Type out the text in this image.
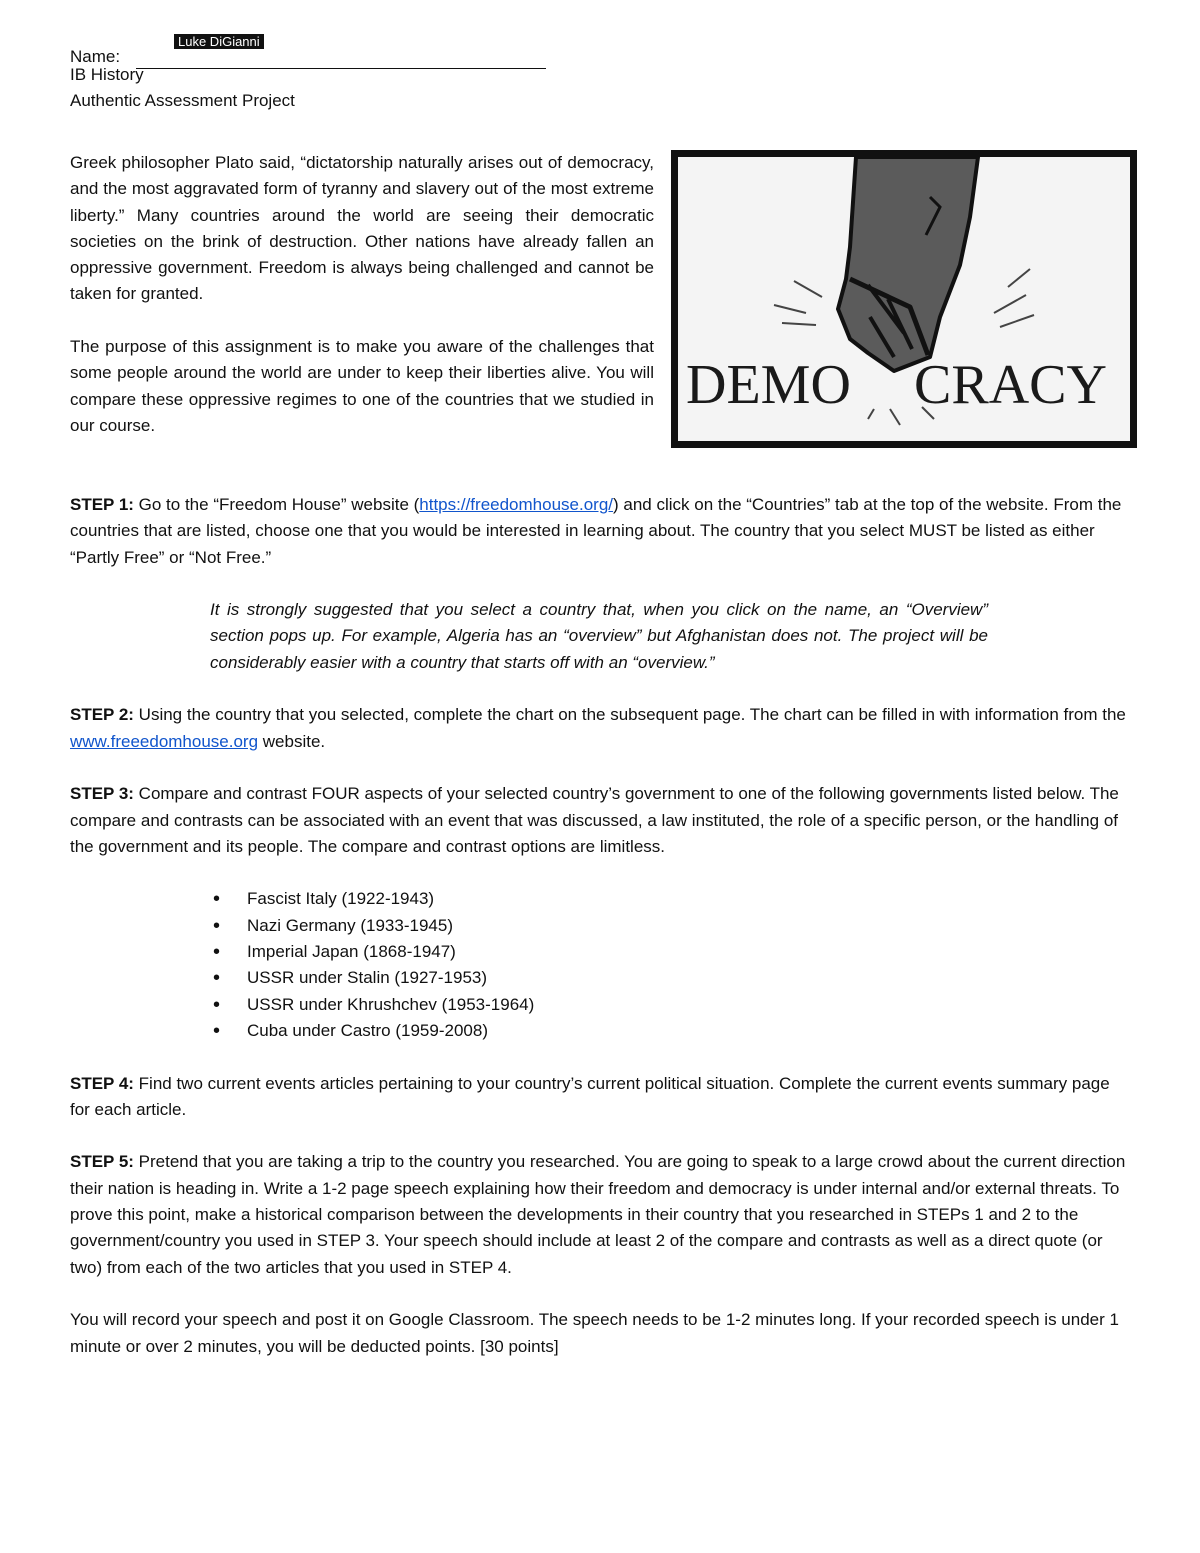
Name:
Luke DiGianni
IB History
Authentic Assessment Project

Greek philosopher Plato said, “dictatorship naturally arises out of democracy, and the most aggravated form of tyranny and slavery out of the most extreme liberty.” Many countries around the world are seeing their democratic societies on the brink of destruction. Other nations have already fallen an oppressive government. Freedom is always being challenged and cannot be taken for granted.

The purpose of this assignment is to make you aware of the challenges that some people around the world are under to keep their liberties alive. You will compare these oppressive regimes to one of the countries that we studied in our course.

DEMO CRACY

STEP 1: Go to the “Freedom House” website (https://freedomhouse.org/) and click on the “Countries” tab at the top of the website. From the countries that are listed, choose one that you would be interested in learning about. The country that you select MUST be listed as either “Partly Free” or “Not Free.”

It is strongly suggested that you select a country that, when you click on the name, an “Overview” section pops up. For example, Algeria has an “overview” but Afghanistan does not. The project will be considerably easier with a country that starts off with an “overview.”

STEP 2: Using the country that you selected, complete the chart on the subsequent page. The chart can be filled in with information from the www.freeedomhouse.org website.

STEP 3: Compare and contrast FOUR aspects of your selected country’s government to one of the following governments listed below. The compare and contrasts can be associated with an event that was discussed, a law instituted, the role of a specific person, or the handling of the government and its people. The compare and contrast options are limitless.

• Fascist Italy (1922-1943)
• Nazi Germany (1933-1945)
• Imperial Japan (1868-1947)
• USSR under Stalin (1927-1953)
• USSR under Khrushchev (1953-1964)
• Cuba under Castro (1959-2008)

STEP 4: Find two current events articles pertaining to your country’s current political situation. Complete the current events summary page for each article.

STEP 5: Pretend that you are taking a trip to the country you researched. You are going to speak to a large crowd about the current direction their nation is heading in. Write a 1-2 page speech explaining how their freedom and democracy is under internal and/or external threats. To prove this point, make a historical comparison between the developments in their country that you researched in STEPs 1 and 2 to the government/country you used in STEP 3. Your speech should include at least 2 of the compare and contrasts as well as a direct quote (or two) from each of the two articles that you used in STEP 4.

You will record your speech and post it on Google Classroom. The speech needs to be 1-2 minutes long. If your recorded speech is under 1 minute or over 2 minutes, you will be deducted points. [30 points]
